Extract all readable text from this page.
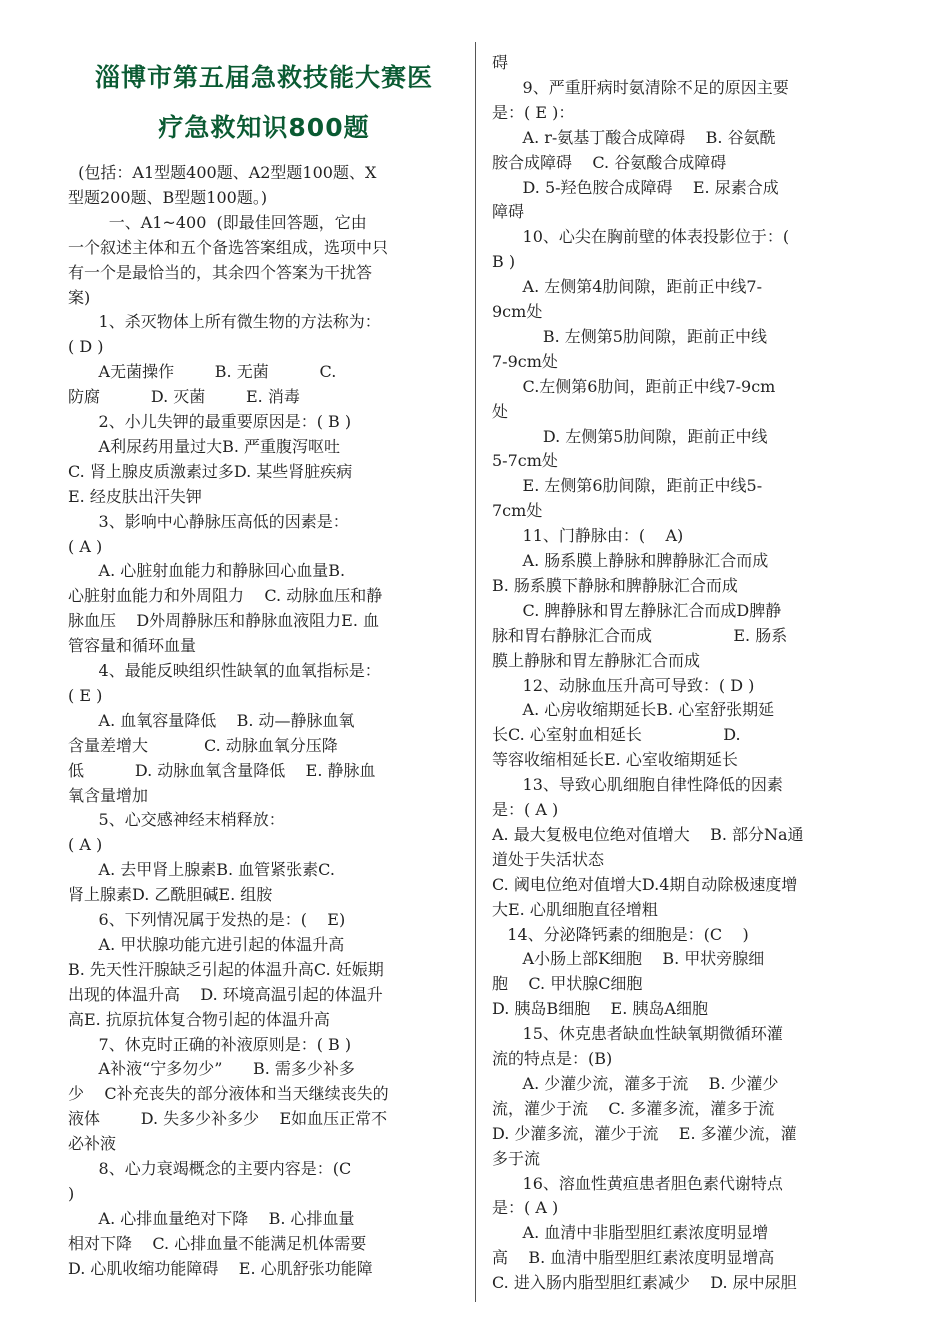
淄博市第五届急救技能大赛医
疗急救知识800题
(包括：A1型题400题、A2型题100题、X
型题200题、B型题100题。)
一、A1~400  (即最佳回答题，它由
一个叙述主体和五个备选答案组成，选项中只
有一个是最恰当的，其余四个答案为干扰答
案)
1、杀灭物体上所有微生物的方法称为：
( D )
A无菌操作        B. 无菌          C.
防腐          D. 灭菌        E. 消毒
2、小儿失钾的最重要原因是：( B )
A利尿药用量过大B. 严重腹泻呕吐
C. 肾上腺皮质激素过多D. 某些肾脏疾病
E. 经皮肤出汗失钾
3、影响中心静脉压高低的因素是：
( A )
A. 心脏射血能力和静脉回心血量B.
心脏射血能力和外周阻力    C. 动脉血压和静
脉血压    D外周静脉压和静脉血液阻力E. 血
管容量和循环血量
4、最能反映组织性缺氧的血氧指标是：
( E )
A. 血氧容量降低    B. 动—静脉血氧
含量差增大           C. 动脉血氧分压降
低          D. 动脉血氧含量降低    E. 静脉血
氧含量增加
5、心交感神经末梢释放：
( A )
A. 去甲肾上腺素B. 血管紧张素C.
肾上腺素D. 乙酰胆碱E. 组胺
6、下列情况属于发热的是：(    E)
A. 甲状腺功能亢进引起的体温升高
B. 先天性汗腺缺乏引起的体温升高C. 妊娠期
出现的体温升高    D. 环境高温引起的体温升
高E. 抗原抗体复合物引起的体温升高
7、休克时正确的补液原则是：( B )
A补液“宁多勿少”      B. 需多少补多
少    C补充丧失的部分液体和当天继续丧失的
液体        D. 失多少补多少    E如血压正常不
必补液
8、心力衰竭概念的主要内容是：(C
)
A. 心排血量绝对下降    B. 心排血量
相对下降    C. 心排血量不能满足机体需要
D. 心肌收缩功能障碍    E. 心肌舒张功能障
碍
9、严重肝病时氨清除不足的原因主要
是：( E )：
A. r-氨基丁酸合成障碍    B. 谷氨酰
胺合成障碍    C. 谷氨酸合成障碍
D. 5-羟色胺合成障碍    E. 尿素合成
障碍
10、心尖在胸前壁的体表投影位于：(
B )
A. 左侧第4肋间隙，距前正中线7-
9cm处
B. 左侧第5肋间隙，距前正中线
7-9cm处
C.左侧第6肋间，距前正中线7-9cm
处
D. 左侧第5肋间隙，距前正中线
5-7cm处
E. 左侧第6肋间隙，距前正中线5-
7cm处
11、门静脉由：(    A)
A. 肠系膜上静脉和脾静脉汇合而成
B. 肠系膜下静脉和脾静脉汇合而成
C. 脾静脉和胃左静脉汇合而成D脾静
脉和胃右静脉汇合而成                E. 肠系
膜上静脉和胃左静脉汇合而成
12、动脉血压升高可导致：( D )
A. 心房收缩期延长B. 心室舒张期延
长C. 心室射血相延长                D.
等容收缩相延长E. 心室收缩期延长
13、导致心肌细胞自律性降低的因素
是：( A )
A. 最大复极电位绝对值增大    B. 部分Na通
道处于失活状态
C. 阈电位绝对值增大D.4期自动除极速度增
大E. 心肌细胞直径增粗
14、分泌降钙素的细胞是：(C    )
A小肠上部K细胞    B. 甲状旁腺细
胞    C. 甲状腺C细胞
D. 胰岛B细胞    E. 胰岛A细胞
15、休克患者缺血性缺氧期微循环灌
流的特点是：(B)
A. 少灌少流，灌多于流    B. 少灌少
流，灌少于流    C. 多灌多流，灌多于流
D. 少灌多流，灌少于流    E. 多灌少流，灌
多于流
16、溶血性黄疸患者胆色素代谢特点
是：( A )
A. 血清中非脂型胆红素浓度明显增
高    B. 血清中脂型胆红素浓度明显增高
C. 进入肠内脂型胆红素减少    D. 尿中尿胆
